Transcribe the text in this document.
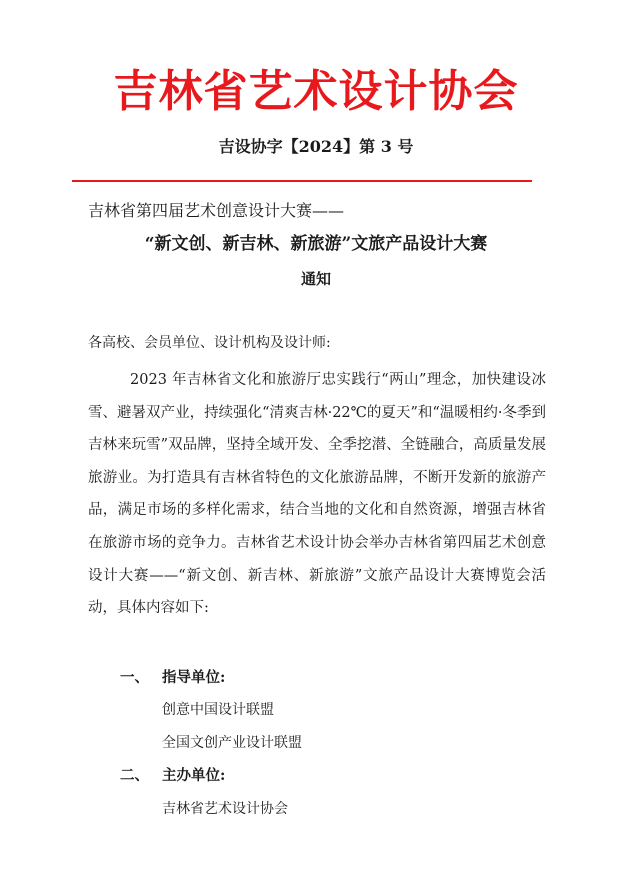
吉林省艺术设计协会
吉设协字【2024】第 3 号
吉林省第四届艺术创意设计大赛——
“新文创、新吉林、新旅游”文旅产品设计大赛
通知
各高校、会员单位、设计机构及设计师:
2023 年吉林省文化和旅游厅忠实践行“两山”理念，加快建设冰雪、避暑双产业，持续强化“清爽吉林·22℃的夏天”和“温暖相约·冬季到吉林来玩雪”双品牌，坚持全域开发、全季挖潜、全链融合，高质量发展旅游业。为打造具有吉林省特色的文化旅游品牌，不断开发新的旅游产品，满足市场的多样化需求，结合当地的文化和自然资源，增强吉林省在旅游市场的竞争力。吉林省艺术设计协会举办吉林省第四届艺术创意设计大赛——“新文创、新吉林、新旅游”文旅产品设计大赛博览会活动，具体内容如下:
一、 指导单位:
创意中国设计联盟
全国文创产业设计联盟
二、 主办单位:
吉林省艺术设计协会
